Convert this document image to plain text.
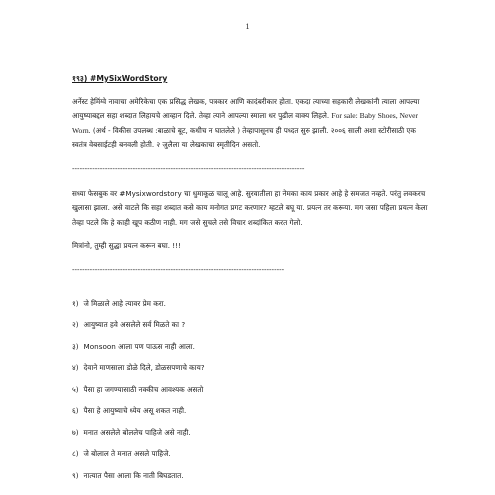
1

१९३) #MySixWordStory

अर्नेस्ट हेमिंग्वे नावाचा अमेरिकेचा एक प्रसिद्ध लेखक, पत्रकार आणि कादंबरीकार होता. एकदा त्याच्या सहकारी लेखकांनी त्याला आपल्या आयुष्याबद्दल सहा शब्दात लिहायचे आव्हान दिले. तेव्हा त्याने आपल्या स्माला धर पुढील वाक्य लिहले. For sale: Baby Shoes, Never Worn. (अर्थ - विकीस उपलब्ध :बाळाचे बूट, कधीच न घातलेले ) तेव्हापासूनच ही पध्दत सुरु झाली. २००६ साली अशा स्टोरीसाठी एक स्वतंत्र वेबसाईटही बनवली होती. २ जुलैला या लेखकाचा स्मृतीदिन असतो.

--------------------------------------------------------------------------------------------

सध्या फेसबुक वर #Mysixwordstory चा धुमाकूळ चालू आहे. सुरवातीला हा नेमका काय प्रकार आहे हे समजत नव्हते. परंतु लवकरच खुलासा झाला. असे वाटले कि सहा शब्दात कसे काय मनोगत प्रगट करणार? म्हटले बघू या. प्रयत्न तर करूया. मग जसा पहिला प्रयत्न केला तेव्हा पटले कि हे काही खूप कठीण नाही. मग जसे सुचले तसे विचार शब्दांकित करत गेलो.

मित्रांनो, तुम्ही सुद्धा प्रयत्न करून बघा. !!!

------------------------------------------------------------------------------------
१) जे मिळाले आहे त्यावर प्रेम करा.
२) आयुष्यात हवे असलेले सर्व मिळते का ?
३) Monsoon आला पण पाऊस नाही आला.
४) देवाने माणसाला डोळे दिले, डोळसपणाचे काय?
५) पैसा हा जगण्यासाठी नक्कीच आवश्यक असतो
६) पैसा हे आयुष्याचे ध्येय असू शकत नाही.
७) मनात असलेले बोललेच पाहिजे असे नाही.
८) जे बोलाल ते मनात असले पाहिजे.
९) नात्यात पैसा आला कि नाती बिघडतात.
